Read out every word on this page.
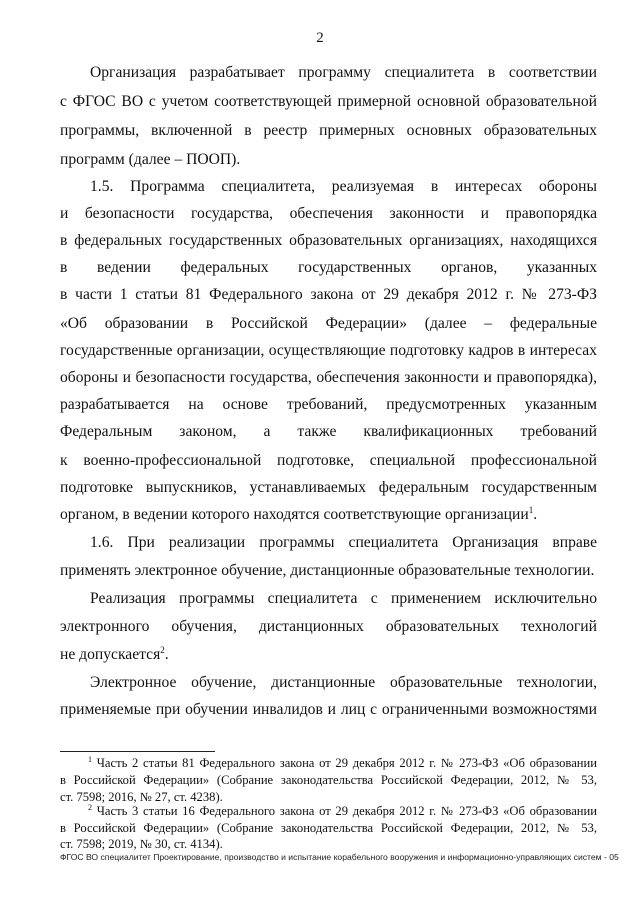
2
Организация разрабатывает программу специалитета в соответствии
с ФГОС ВО с учетом соответствующей примерной основной образовательной
программы, включенной в реестр примерных основных образовательных
программ (далее – ПООП).
1.5. Программа специалитета, реализуемая в интересах обороны
и безопасности государства, обеспечения законности и правопорядка
в федеральных государственных образовательных организациях, находящихся
в ведении федеральных государственных органов, указанных
в части 1 статьи 81 Федерального закона от 29 декабря 2012 г. № 273-ФЗ
«Об образовании в Российской Федерации» (далее – федеральные
государственные организации, осуществляющие подготовку кадров в интересах
обороны и безопасности государства, обеспечения законности и правопорядка),
разрабатывается на основе требований, предусмотренных указанным
Федеральным законом, а также квалификационных требований
к военно-профессиональной подготовке, специальной профессиональной
подготовке выпускников, устанавливаемых федеральным государственным
органом, в ведении которого находятся соответствующие организации$^1$.
1.6. При реализации программы специалитета Организация вправе
применять электронное обучение, дистанционные образовательные технологии.
Реализация программы специалитета с применением исключительно
электронного обучения, дистанционных образовательных технологий
не допускается$^2$.
Электронное обучение, дистанционные образовательные технологии,
применяемые при обучении инвалидов и лиц с ограниченными возможностями
$^1$ Часть 2 статьи 81 Федерального закона от 29 декабря 2012 г. № 273-ФЗ «Об образовании
в Российской Федерации» (Собрание законодательства Российской Федерации, 2012, № 53,
ст. 7598; 2016, № 27, ст. 4238).
$^2$ Часть 3 статьи 16 Федерального закона от 29 декабря 2012 г. № 273-ФЗ «Об образовании
в Российской Федерации» (Собрание законодательства Российской Федерации, 2012, № 53,
ст. 7598; 2019, № 30, ст. 4134).
ФГОС ВО специалитет Проектирование, производство и испытание корабельного вооружения и информационно-управляющих систем - 05
